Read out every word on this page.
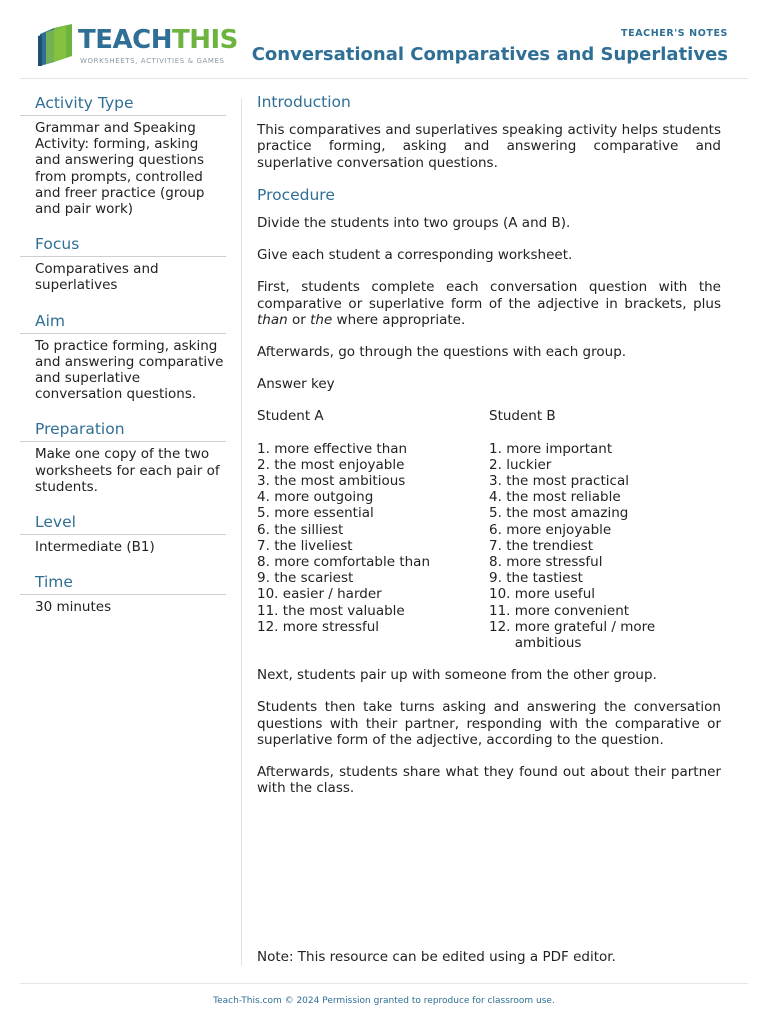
TEACHTHIS
WORKSHEETS, ACTIVITIES & GAMES
TEACHER'S NOTES
Conversational Comparatives and Superlatives
Activity Type
Grammar and Speaking Activity: forming, asking and answering questions from prompts, controlled and freer practice (group and pair work)
Focus
Comparatives and superlatives
Aim
To practice forming, asking and answering comparative and superlative conversation questions.
Preparation
Make one copy of the two worksheets for each pair of students.
Level
Intermediate (B1)
Time
30 minutes
Introduction

This comparatives and superlatives speaking activity helps students practice forming, asking and answering comparative and superlative conversation questions.

Procedure

Divide the students into two groups (A and B).

Give each student a corresponding worksheet.

First, students complete each conversation question with the comparative or superlative form of the adjective in brackets, plus than or the where appropriate.

Afterwards, go through the questions with each group.

Answer key

Student A
1.
more effective than
2.
the most enjoyable
3.
the most ambitious
4.
more outgoing
5.
more essential
6.
the silliest
7.
the liveliest
8.
more comfortable than
9.
the scariest
10.
easier / harder
11.
the most valuable
12.
more stressful
Student B
1.
more important
2.
luckier
3.
the most practical
4.
the most reliable
5.
the most amazing
6.
more enjoyable
7.
the trendiest
8.
more stressful
9.
the tastiest
10.
more useful
11.
more convenient
12.
more grateful / more ambitious

Next, students pair up with someone from the other group.

Students then take turns asking and answering the conversation questions with their partner, responding with the comparative or superlative form of the adjective, according to the question.

Afterwards, students share what they found out about their partner with the class.

Note: This resource can be edited using a PDF editor.
Teach-This.com © 2024 Permission granted to reproduce for classroom use.
